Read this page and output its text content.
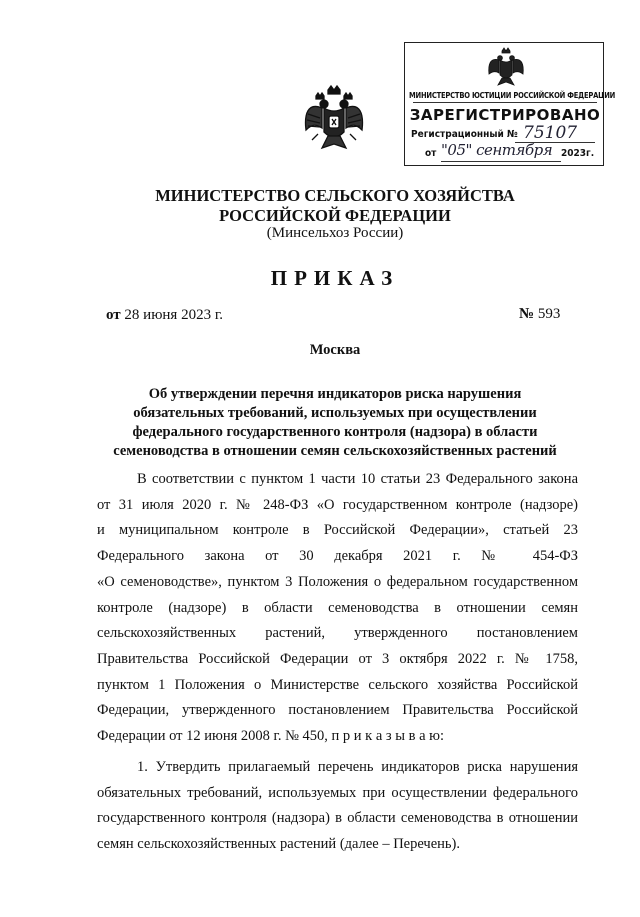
МИНИСТЕРСТВО ЮСТИЦИИ РОССИЙСКОЙ ФЕДЕРАЦИИ
ЗАРЕГИСТРИРОВАНО
Регистрационный № 75107
от "05" сентября 2023г.
МИНИСТЕРСТВО СЕЛЬСКОГО ХОЗЯЙСТВА
РОССИЙСКОЙ ФЕДЕРАЦИИ
(Минсельхоз России)
ПРИКАЗ
от 28 июня 2023 г.	№ 593
Москва
Об утверждении перечня индикаторов риска нарушения
обязательных требований, используемых при осуществлении
федерального государственного контроля (надзора) в области
семеноводства в отношении семян сельскохозяйственных растений
В соответствии с пунктом 1 части 10 статьи 23 Федерального закона
от 31 июля 2020 г. № 248-ФЗ «О государственном контроле (надзоре)
и муниципальном контроле в Российской Федерации», статьей 23
Федерального закона от 30 декабря 2021 г. № 454-ФЗ
«О семеноводстве», пунктом 3 Положения о федеральном государственном
контроле (надзоре) в области семеноводства в отношении семян
сельскохозяйственных растений, утвержденного постановлением
Правительства Российской Федерации от 3 октября 2022 г. № 1758,
пунктом 1 Положения о Министерстве сельского хозяйства Российской
Федерации, утвержденного постановлением Правительства Российской
Федерации от 12 июня 2008 г. № 450, п р и к а з ы в а ю:
1. Утвердить прилагаемый перечень индикаторов риска нарушения
обязательных требований, используемых при осуществлении федерального
государственного контроля (надзора) в области семеноводства в отношении
семян сельскохозяйственных растений (далее – Перечень).
